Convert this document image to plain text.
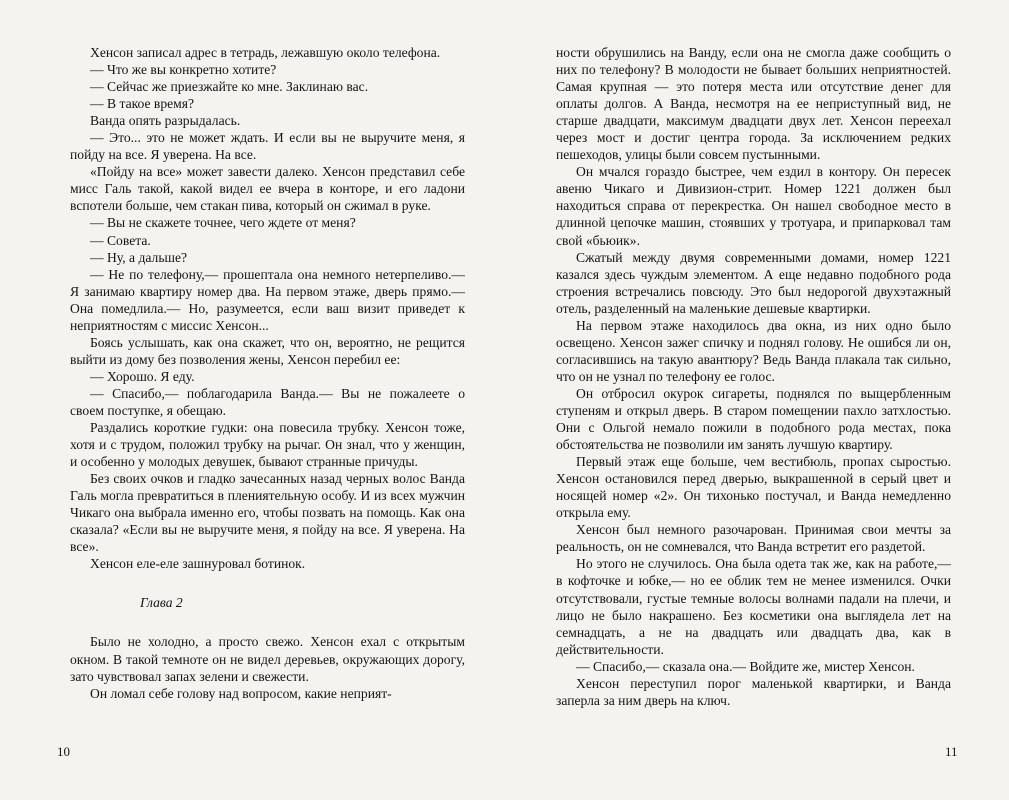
Хенсон записал адрес в тетрадь, лежавшую около телефона.

— Что же вы конкретно хотите?

— Сейчас же приезжайте ко мне. Заклинаю вас.

— В такое время?

Ванда опять разрыдалась.

— Это... это не может ждать. И если вы не выручите меня, я пойду на все. Я уверена. На все.

«Пойду на все» может завести далеко. Хенсон представил себе мисс Галь такой, какой видел ее вчера в конторе, и его ладони вспотели больше, чем стакан пива, который он сжимал в руке.

— Вы не скажете точнее, чего ждете от меня?

— Совета.

— Ну, а дальше?

— Не по телефону,— прошептала она немного нетерпеливо.— Я занимаю квартиру номер два. На первом этаже, дверь прямо.— Она помедлила.— Но, разумеется, если ваш визит приведет к неприятностям с миссис Хенсон...

Боясь услышать, как она скажет, что он, вероятно, не рещится выйти из дому без позволения жены, Хенсон перебил ее:

— Хорошо. Я еду.

— Спасибо,— поблагодарила Ванда.— Вы не пожалеете о своем поступке, я обещаю.

Раздались короткие гудки: она повесила трубку. Хенсон тоже, хотя и с трудом, положил трубку на рычаг. Он знал, что у женщин, и особенно у молодых девушек, бывают странные причуды.

Без своих очков и гладко зачесанных назад черных волос Ванда Галь могла превратиться в плениятельную особу. И из всех мужчин Чикаго она выбрала именно его, чтобы позвать на помощь. Как она сказала? «Если вы не выручите меня, я пойду на все. Я уверена. На все».

Хенсон еле-еле зашнуровал ботинок.

Глава 2

Было не холодно, а просто свежо. Хенсон ехал с открытым окном. В такой темноте он не видел деревьев, окружающих дорогу, зато чувствовал запах зелени и свежести.

Он ломал себе голову над вопросом, какие неприят-

ности обрушились на Ванду, если она не смогла даже сообщить о них по телефону? В молодости не бывает больших неприятностей. Самая крупная — это потеря места или отсутствие денег для оплаты долгов. А Ванда, несмотря на ее неприступный вид, не старше двадцати, максимум двадцати двух лет. Хенсон переехал через мост и достиг центра города. За исключением редких пешеходов, улицы были совсем пустынными.

Он мчался гораздо быстрее, чем ездил в контору. Он пересек авеню Чикаго и Дивизион-стрит. Номер 1221 должен был находиться справа от перекрестка. Он нашел свободное место в длинной цепочке машин, стоявших у тротуара, и припарковал там свой «бьюик».

Сжатый между двумя современными домами, номер 1221 казался здесь чуждым элементом. А еще недавно подобного рода строения встречались повсюду. Это был недорогой двухэтажный отель, разделенный на маленькие дешевые квартирки.

На первом этаже находилось два окна, из них одно было освещено. Хенсон зажег спичку и поднял голову. Не ошибся ли он, согласившись на такую авантюру? Ведь Ванда плакала так сильно, что он не узнал по телефону ее голос.

Он отбросил окурок сигареты, поднялся по выщербленным ступеням и открыл дверь. В старом помещении пахло затхлостью. Они с Ольгой немало пожили в подобного рода местах, пока обстоятельства не позволили им занять лучшую квартиру.

Первый этаж еще больше, чем вестибюль, пропах сыростью. Хенсон остановился перед дверью, выкрашенной в серый цвет и носящей номер «2». Он тихонько постучал, и Ванда немедленно открыла ему.

Хенсон был немного разочарован. Принимая свои мечты за реальность, он не сомневался, что Ванда встретит его раздетой.

Но этого не случилось. Она была одета так же, как на работе,— в кофточке и юбке,— но ее облик тем не менее изменился. Очки отсутствовали, густые темные волосы волнами падали на плечи, и лицо не было накрашено. Без косметики она выглядела лет на семнадцать, а не на двадцать или двадцать два, как в действительности.

— Спасибо,— сказала она.— Войдите же, мистер Хенсон.

Хенсон переступил порог маленькой квартирки, и Ванда заперла за ним дверь на ключ.

10	11
